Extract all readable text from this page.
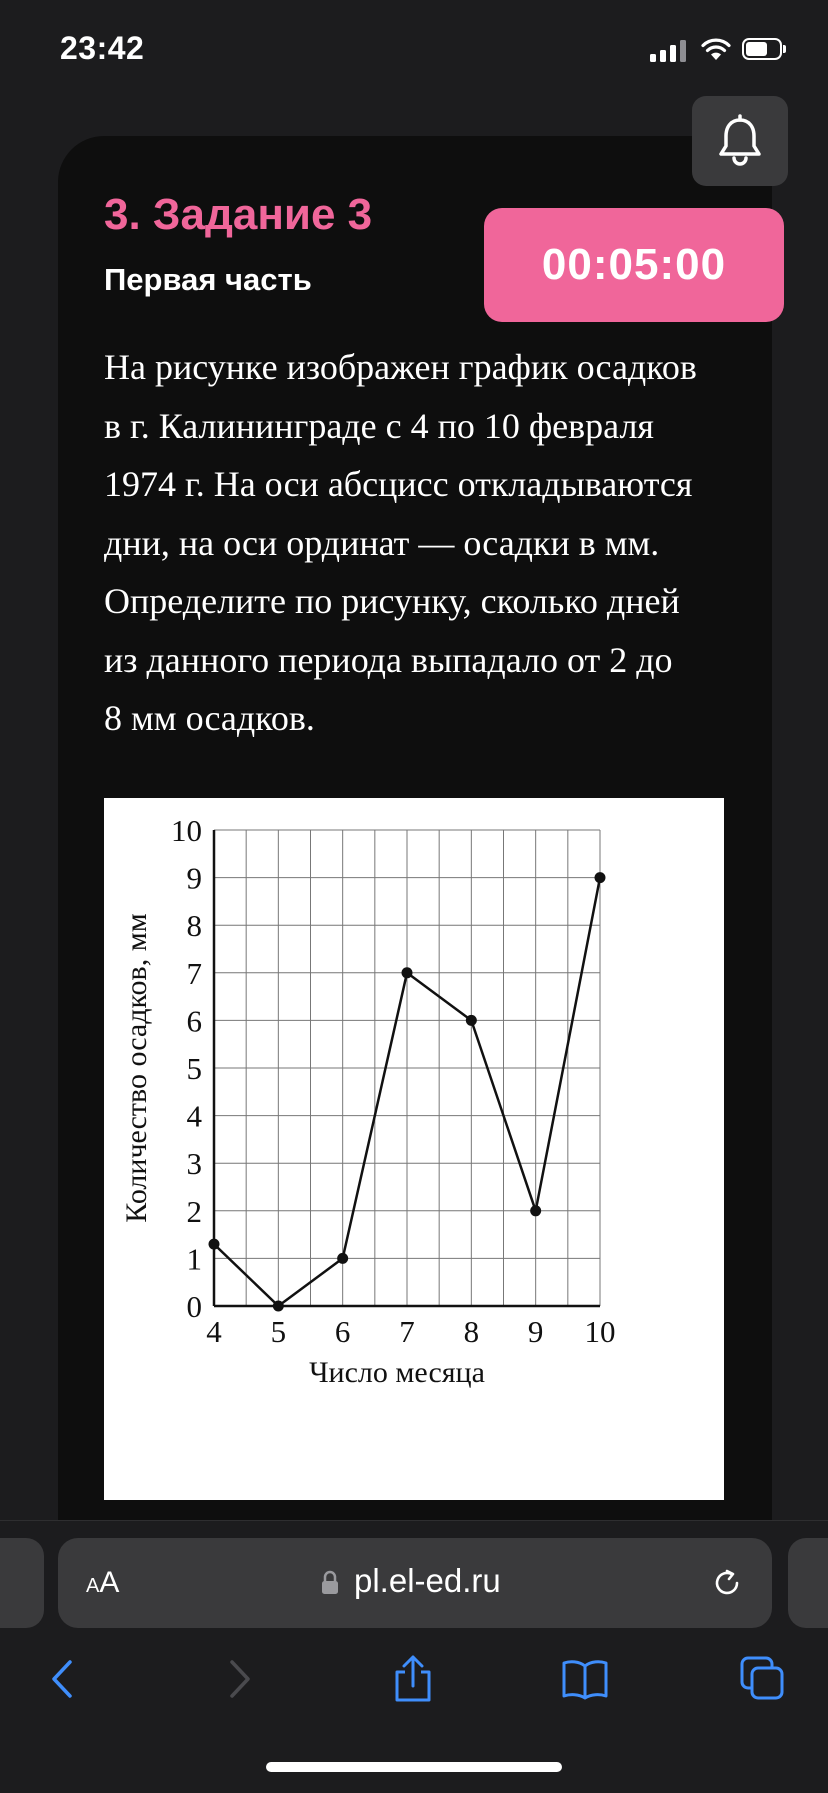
23:42
3. Задание 3
Первая часть	00:05:00
На рисунке изображен график осадков
в г. Калининграде с 4 по 10 февраля
1974 г. На оси абсцисс откладываются
дни, на оси ординат — осадки в мм.
Определите по рисунку, сколько дней
из данного периода выпадало от 2 до
8 мм осадков.
0
1
2
3
4
5
6
7
8
9
10
4 5 6 7 8 9 10
Число месяца
Количество осадков, мм
AA	pl.el-ed.ru
